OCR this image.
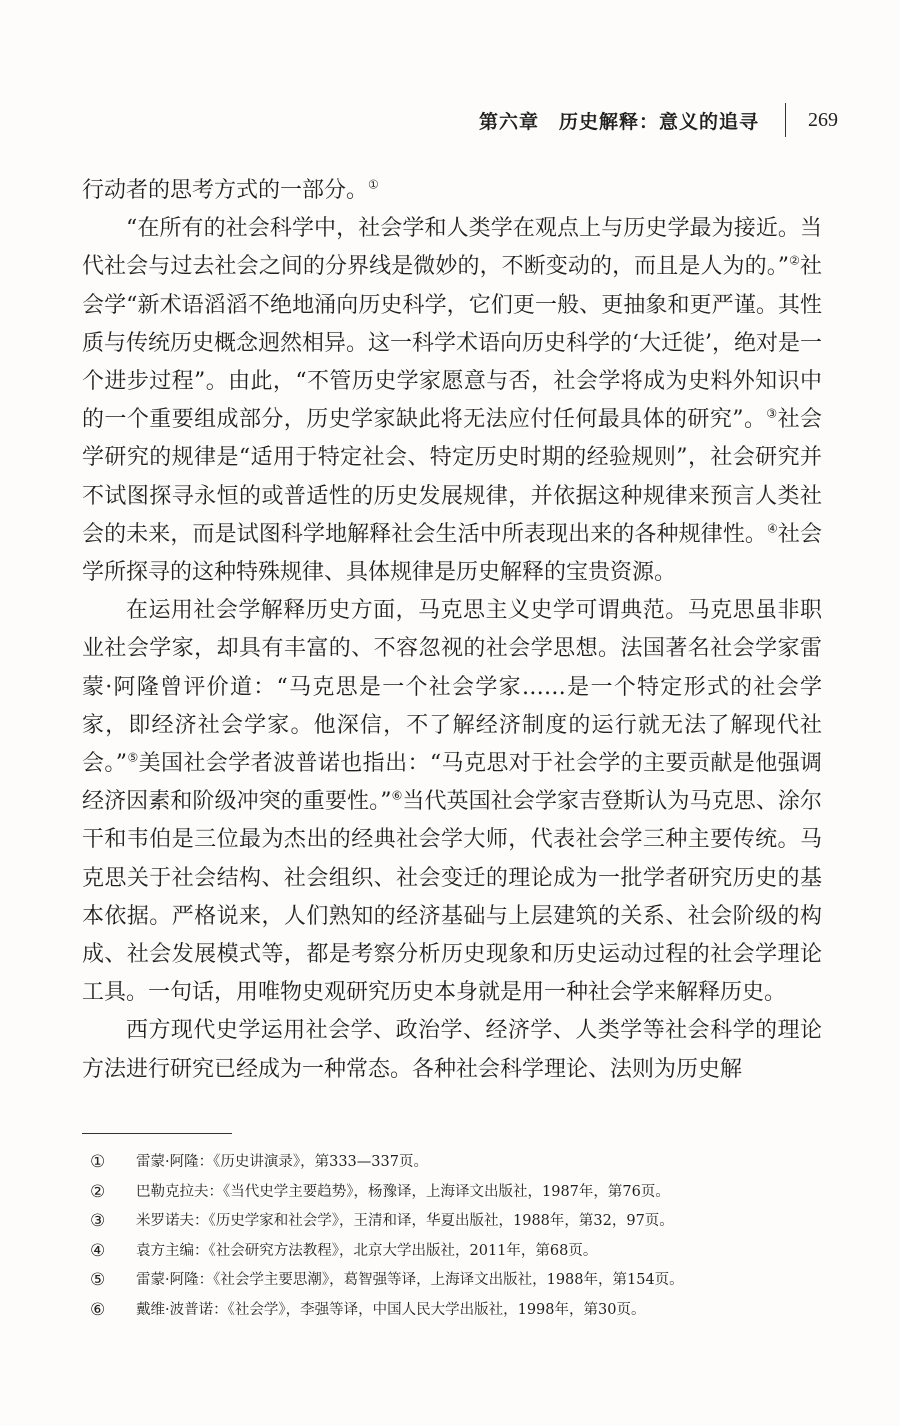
第六章　历史解释：意义的追寻 269

行动者的思考方式的一部分。①

“在所有的社会科学中，社会学和人类学在观点上与历史学最为接近。当代社会与过去社会之间的分界线是微妙的，不断变动的，而且是人为的。”②社会学“新术语滔滔不绝地涌向历史科学，它们更一般、更抽象和更严谨。其性质与传统历史概念迥然相异。这一科学术语向历史科学的‘大迁徙’，绝对是一个进步过程”。由此，“不管历史学家愿意与否，社会学将成为史料外知识中的一个重要组成部分，历史学家缺此将无法应付任何最具体的研究”。③社会学研究的规律是“适用于特定社会、特定历史时期的经验规则”，社会研究并不试图探寻永恒的或普适性的历史发展规律，并依据这种规律来预言人类社会的未来，而是试图科学地解释社会生活中所表现出来的各种规律性。④社会学所探寻的这种特殊规律、具体规律是历史解释的宝贵资源。

在运用社会学解释历史方面，马克思主义史学可谓典范。马克思虽非职业社会学家，却具有丰富的、不容忽视的社会学思想。法国著名社会学家雷蒙·阿隆曾评价道：“马克思是一个社会学家……是一个特定形式的社会学家，即经济社会学家。他深信，不了解经济制度的运行就无法了解现代社会。”⑤美国社会学者波普诺也指出：“马克思对于社会学的主要贡献是他强调经济因素和阶级冲突的重要性。”⑥当代英国社会学家吉登斯认为马克思、涂尔干和韦伯是三位最为杰出的经典社会学大师，代表社会学三种主要传统。马克思关于社会结构、社会组织、社会变迁的理论成为一批学者研究历史的基本依据。严格说来，人们熟知的经济基础与上层建筑的关系、社会阶级的构成、社会发展模式等，都是考察分析历史现象和历史运动过程的社会学理论工具。一句话，用唯物史观研究历史本身就是用一种社会学来解释历史。

西方现代史学运用社会学、政治学、经济学、人类学等社会科学的理论方法进行研究已经成为一种常态。各种社会科学理论、法则为历史解

①	雷蒙·阿隆：《历史讲演录》，第333—337页。
②	巴勒克拉夫：《当代史学主要趋势》，杨豫译，上海译文出版社，1987年，第76页。
③	米罗诺夫：《历史学家和社会学》，王清和译，华夏出版社，1988年，第32，97页。
④	袁方主编：《社会研究方法教程》，北京大学出版社，2011年，第68页。
⑤	雷蒙·阿隆：《社会学主要思潮》，葛智强等译，上海译文出版社，1988年，第154页。
⑥	戴维·波普诺：《社会学》，李强等译，中国人民大学出版社，1998年，第30页。
